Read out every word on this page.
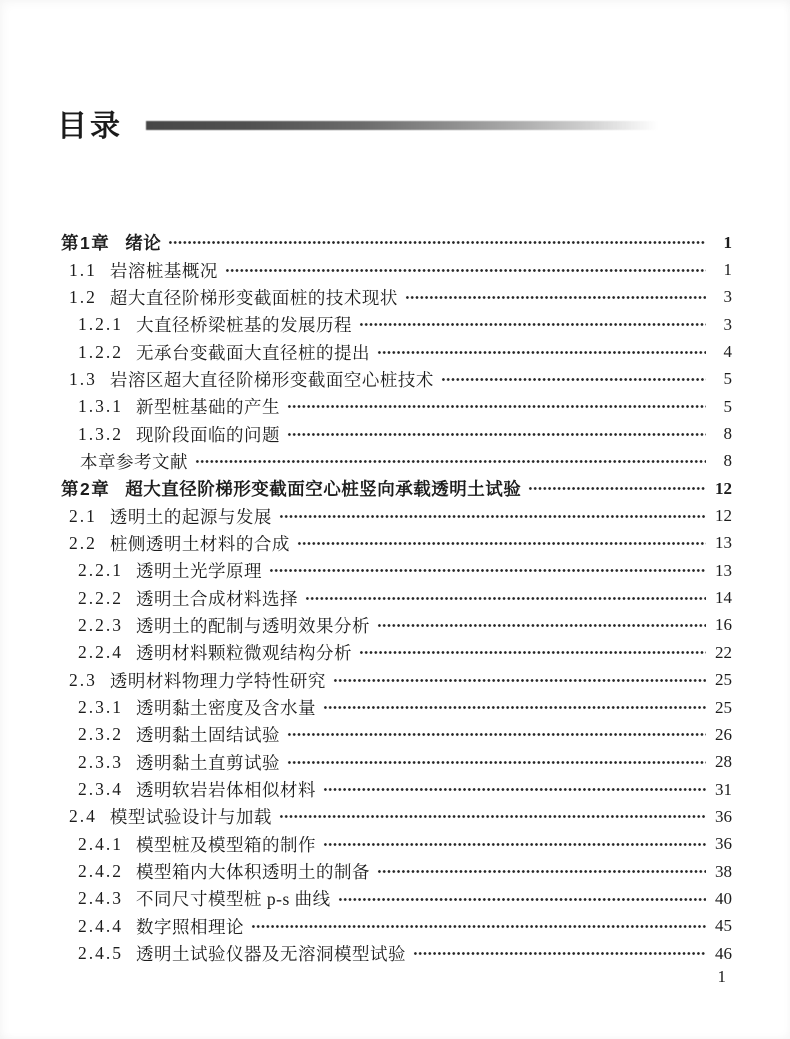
目录
第1章 绪论	1
1.1 岩溶桩基概况	1
1.2 超大直径阶梯形变截面桩的技术现状	3
1.2.1 大直径桥梁桩基的发展历程	3
1.2.2 无承台变截面大直径桩的提出	4
1.3 岩溶区超大直径阶梯形变截面空心桩技术	5
1.3.1 新型桩基础的产生	5
1.3.2 现阶段面临的问题	8
本章参考文献	8
第2章 超大直径阶梯形变截面空心桩竖向承载透明土试验	12
2.1 透明土的起源与发展	12
2.2 桩侧透明土材料的合成	13
2.2.1 透明土光学原理	13
2.2.2 透明土合成材料选择	14
2.2.3 透明土的配制与透明效果分析	16
2.2.4 透明材料颗粒微观结构分析	22
2.3 透明材料物理力学特性研究	25
2.3.1 透明黏土密度及含水量	25
2.3.2 透明黏土固结试验	26
2.3.3 透明黏土直剪试验	28
2.3.4 透明软岩岩体相似材料	31
2.4 模型试验设计与加载	36
2.4.1 模型桩及模型箱的制作	36
2.4.2 模型箱内大体积透明土的制备	38
2.4.3 不同尺寸模型桩 p-s 曲线	40
2.4.4 数字照相理论	45
2.4.5 透明土试验仪器及无溶洞模型试验	46
1
